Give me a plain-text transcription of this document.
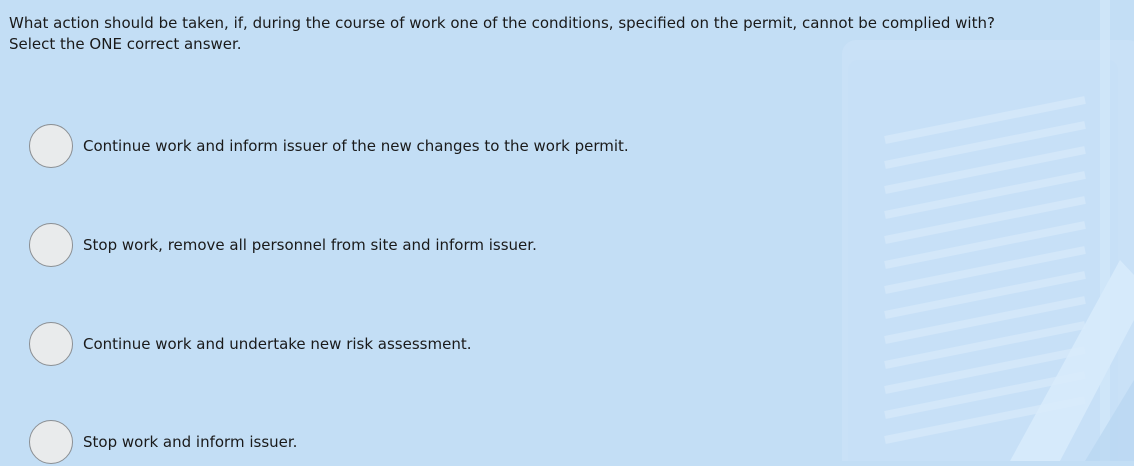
What action should be taken, if, during the course of work one of the conditions, specified on the permit, cannot be complied with?
Select the ONE correct answer.
Continue work and inform issuer of the new changes to the work permit.
Stop work, remove all personnel from site and inform issuer.
Continue work and undertake new risk assessment.
Stop work and inform issuer.
